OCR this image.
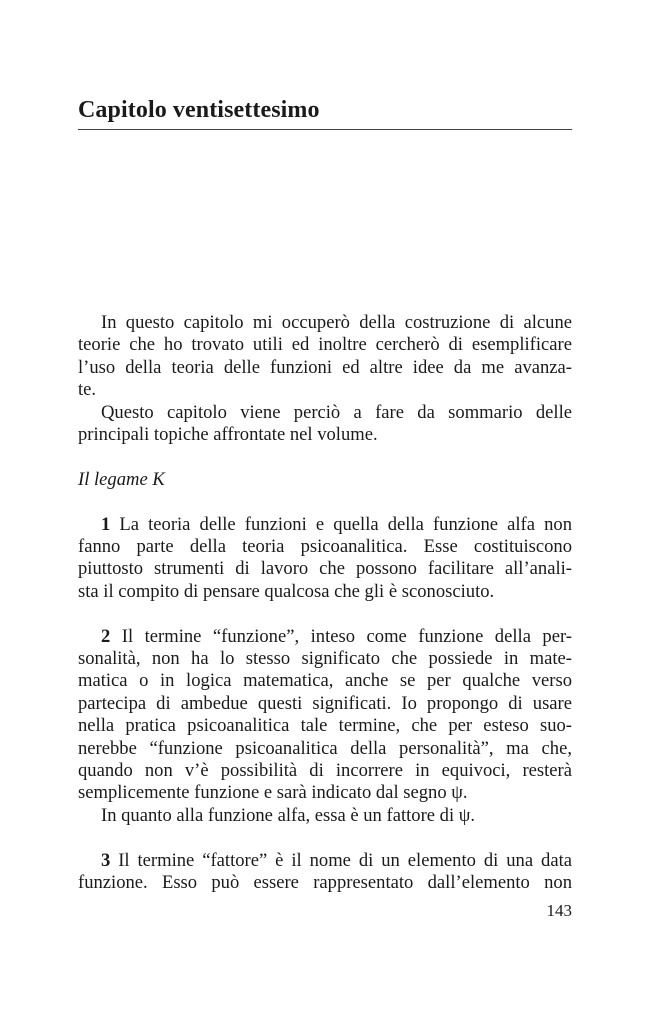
Capitolo ventisettesimo
In questo capitolo mi occuperò della costruzione di alcune
teorie che ho trovato utili ed inoltre cercherò di esemplificare
l’uso della teoria delle funzioni ed altre idee da me avanza-
te.
Questo capitolo viene perciò a fare da sommario delle
principali topiche affrontate nel volume.
Il legame K
1 La teoria delle funzioni e quella della funzione alfa non
fanno parte della teoria psicoanalitica. Esse costituiscono
piuttosto strumenti di lavoro che possono facilitare all’anali-
sta il compito di pensare qualcosa che gli è sconosciuto.
2 Il termine “funzione”, inteso come funzione della per-
sonalità, non ha lo stesso significato che possiede in mate-
matica o in logica matematica, anche se per qualche verso
partecipa di ambedue questi significati. Io propongo di usare
nella pratica psicoanalitica tale termine, che per esteso suo-
nerebbe “funzione psicoanalitica della personalità”, ma che,
quando non v’è possibilità di incorrere in equivoci, resterà
semplicemente funzione e sarà indicato dal segno ψ.
In quanto alla funzione alfa, essa è un fattore di ψ.
3 Il termine “fattore” è il nome di un elemento di una data
funzione. Esso può essere rappresentato dall’elemento non
143
